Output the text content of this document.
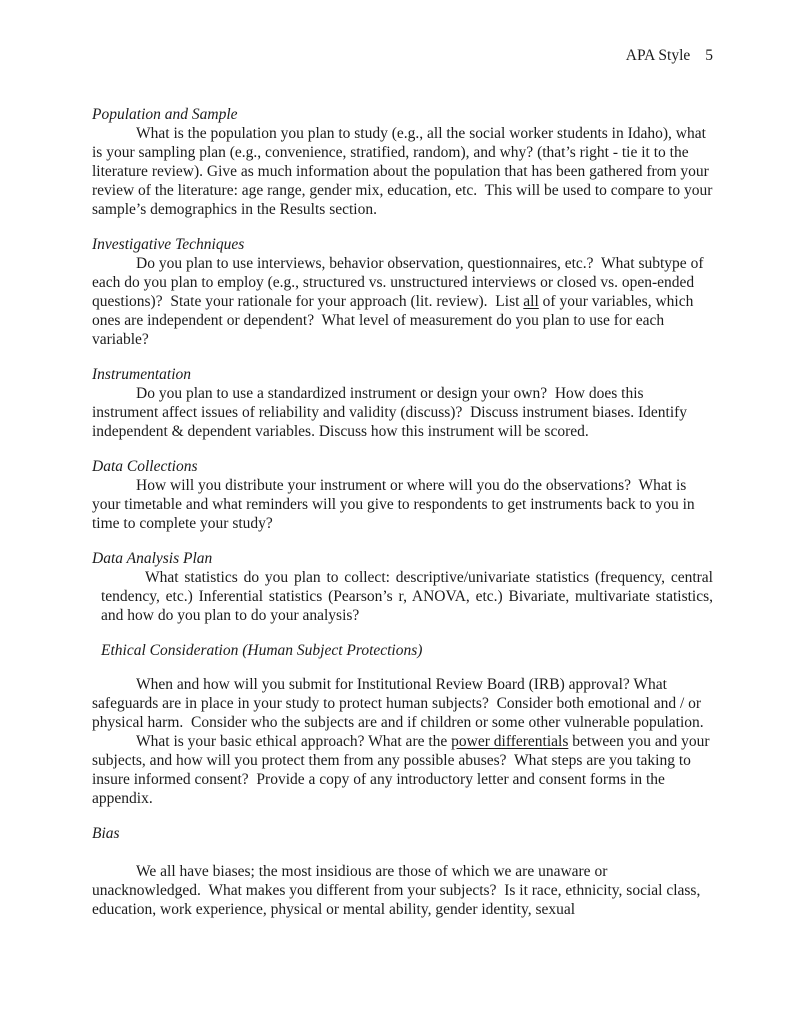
APA Style 5
Population and Sample

What is the population you plan to study (e.g., all the social worker students in Idaho), what is your sampling plan (e.g., convenience, stratified, random), and why? (that’s right - tie it to the literature review). Give as much information about the population that has been gathered from your review of the literature: age range, gender mix, education, etc.  This will be used to compare to your sample’s demographics in the Results section.

Investigative Techniques

Do you plan to use interviews, behavior observation, questionnaires, etc.?  What subtype of each do you plan to employ (e.g., structured vs. unstructured interviews or closed vs. open-ended questions)?  State your rationale for your approach (lit. review).  List all of your variables, which ones are independent or dependent?  What level of measurement do you plan to use for each variable?

Instrumentation

Do you plan to use a standardized instrument or design your own?  How does this instrument affect issues of reliability and validity (discuss)?  Discuss instrument biases. Identify independent & dependent variables. Discuss how this instrument will be scored.

Data Collections

How will you distribute your instrument or where will you do the observations?  What is your timetable and what reminders will you give to respondents to get instruments back to you in time to complete your study?

Data Analysis Plan

What statistics do you plan to collect: descriptive/univariate statistics (frequency, central tendency, etc.) Inferential statistics (Pearson’s r, ANOVA, etc.) Bivariate, multivariate statistics, and how do you plan to do your analysis?

Ethical Consideration (Human Subject Protections)

When and how will you submit for Institutional Review Board (IRB) approval? What safeguards are in place in your study to protect human subjects?  Consider both emotional and / or physical harm.  Consider who the subjects are and if children or some other vulnerable population.

What is your basic ethical approach? What are the power differentials between you and your subjects, and how will you protect them from any possible abuses?  What steps are you taking to insure informed consent?  Provide a copy of any introductory letter and consent forms in the appendix.

Bias

We all have biases; the most insidious are those of which we are unaware or unacknowledged.  What makes you different from your subjects?  Is it race, ethnicity, social class, education, work experience, physical or mental ability, gender identity, sexual
